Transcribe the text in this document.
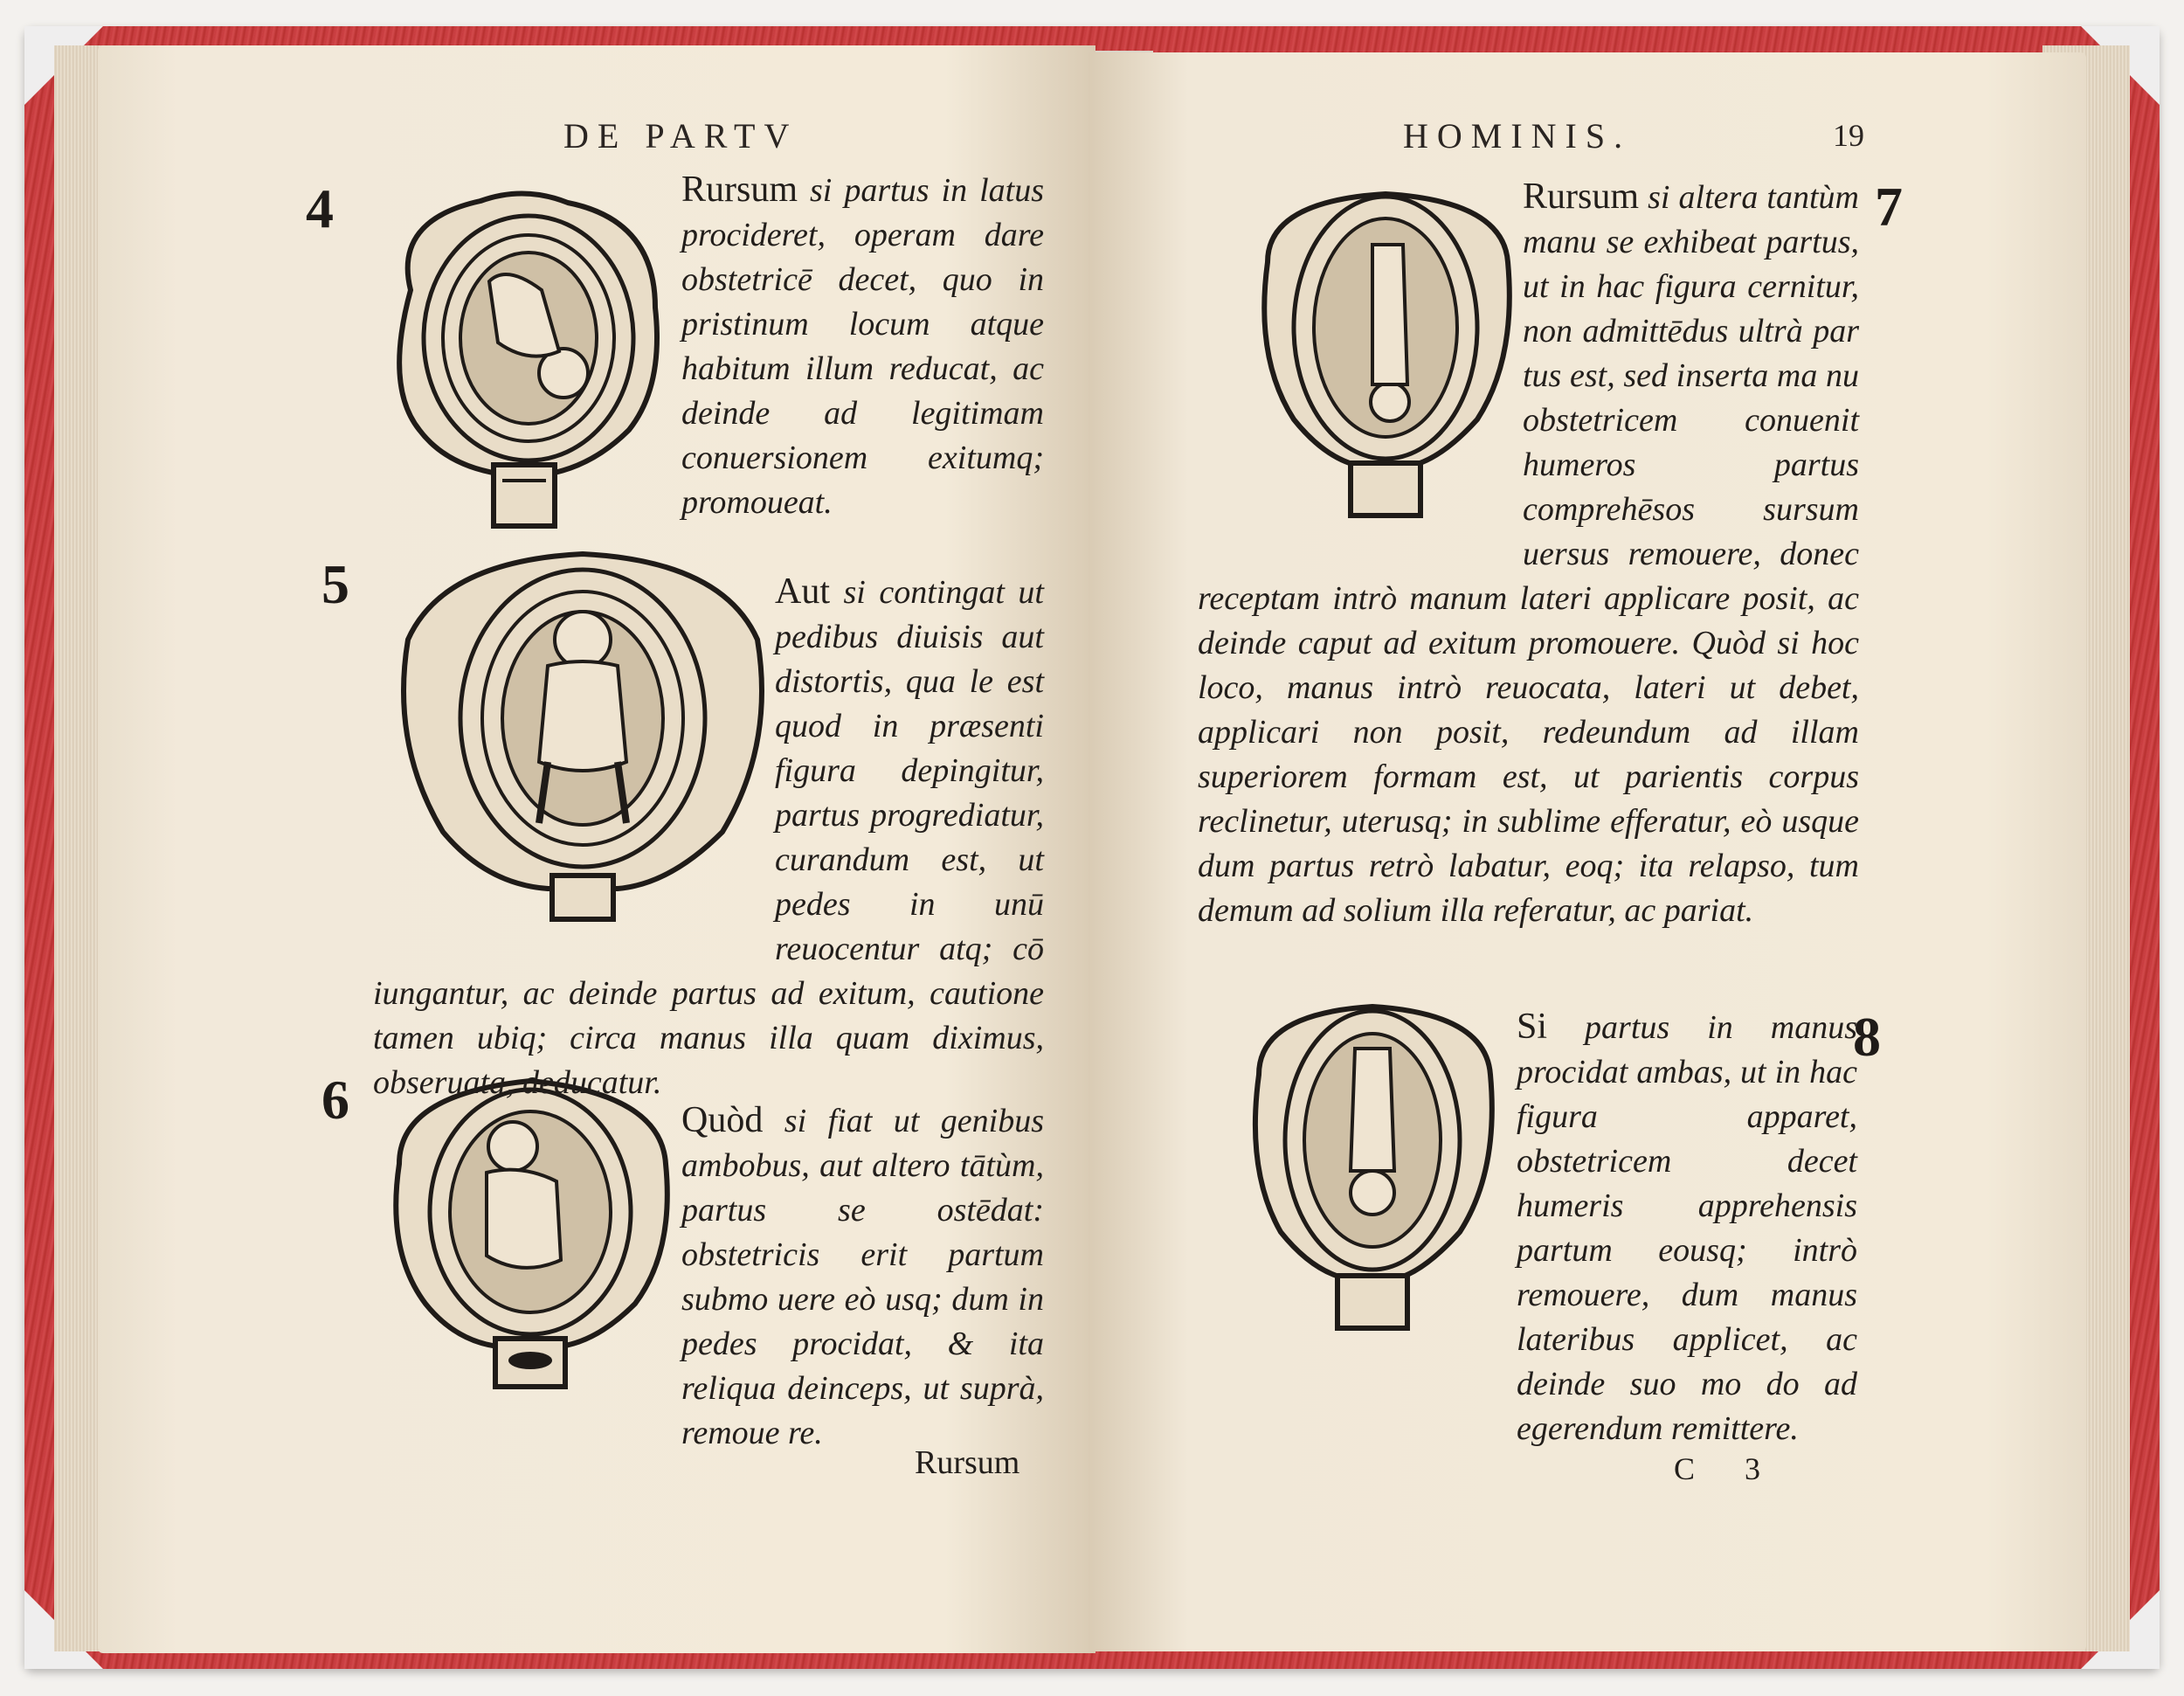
DE PARTV
4
5
6

Rursum si partus in latus procideret, operam dare obstetricē decet, quo in pristinum locum atque habitum illum reducat, ac deinde ad legitimam conuersionem exitumq; promoueat.

Aut si contingat ut pedibus diuisis aut distortis, qua le est quod in præsenti figura depingitur, partus progrediatur, curandum est, ut pedes in unū reuocentur atq; cō iungantur, ac deinde partus ad exitum, cautione tamen ubiq; circa manus illa quam diximus, obseruata, deducatur.

Quòd si fiat ut genibus ambobus, aut altero tātùm, partus se ostēdat: obstetricis erit partum submo uere eò usq; dum in pedes procidat, & ita reliqua deinceps, ut suprà, remoue re.

Rursum
HOMINIS.	19
7
8

Rursum si altera tantùm manu se exhibeat partus, ut in hac figura cernitur, non admittēdus ultrà par tus est, sed inserta ma nu obstetricem conuenit humeros partus comprehēsos sursum uersus remouere, donec receptam intrò manum lateri applicare posit, ac deinde caput ad exitum promouere. Quòd si hoc loco, manus intrò reuocata, lateri ut debet, applicari non posit, redeundum ad illam superiorem formam est, ut parientis corpus reclinetur, uterusq; in sublime efferatur, eò usque dum partus retrò labatur, eoq; ita relapso, tum demum ad solium illa referatur, ac pariat.

Si partus in manus procidat ambas, ut in hac figura apparet, obstetricem decet humeris apprehensis partum eousq; intrò remouere, dum manus lateribus applicet, ac deinde suo mo do ad egerendum remittere.

C 3
